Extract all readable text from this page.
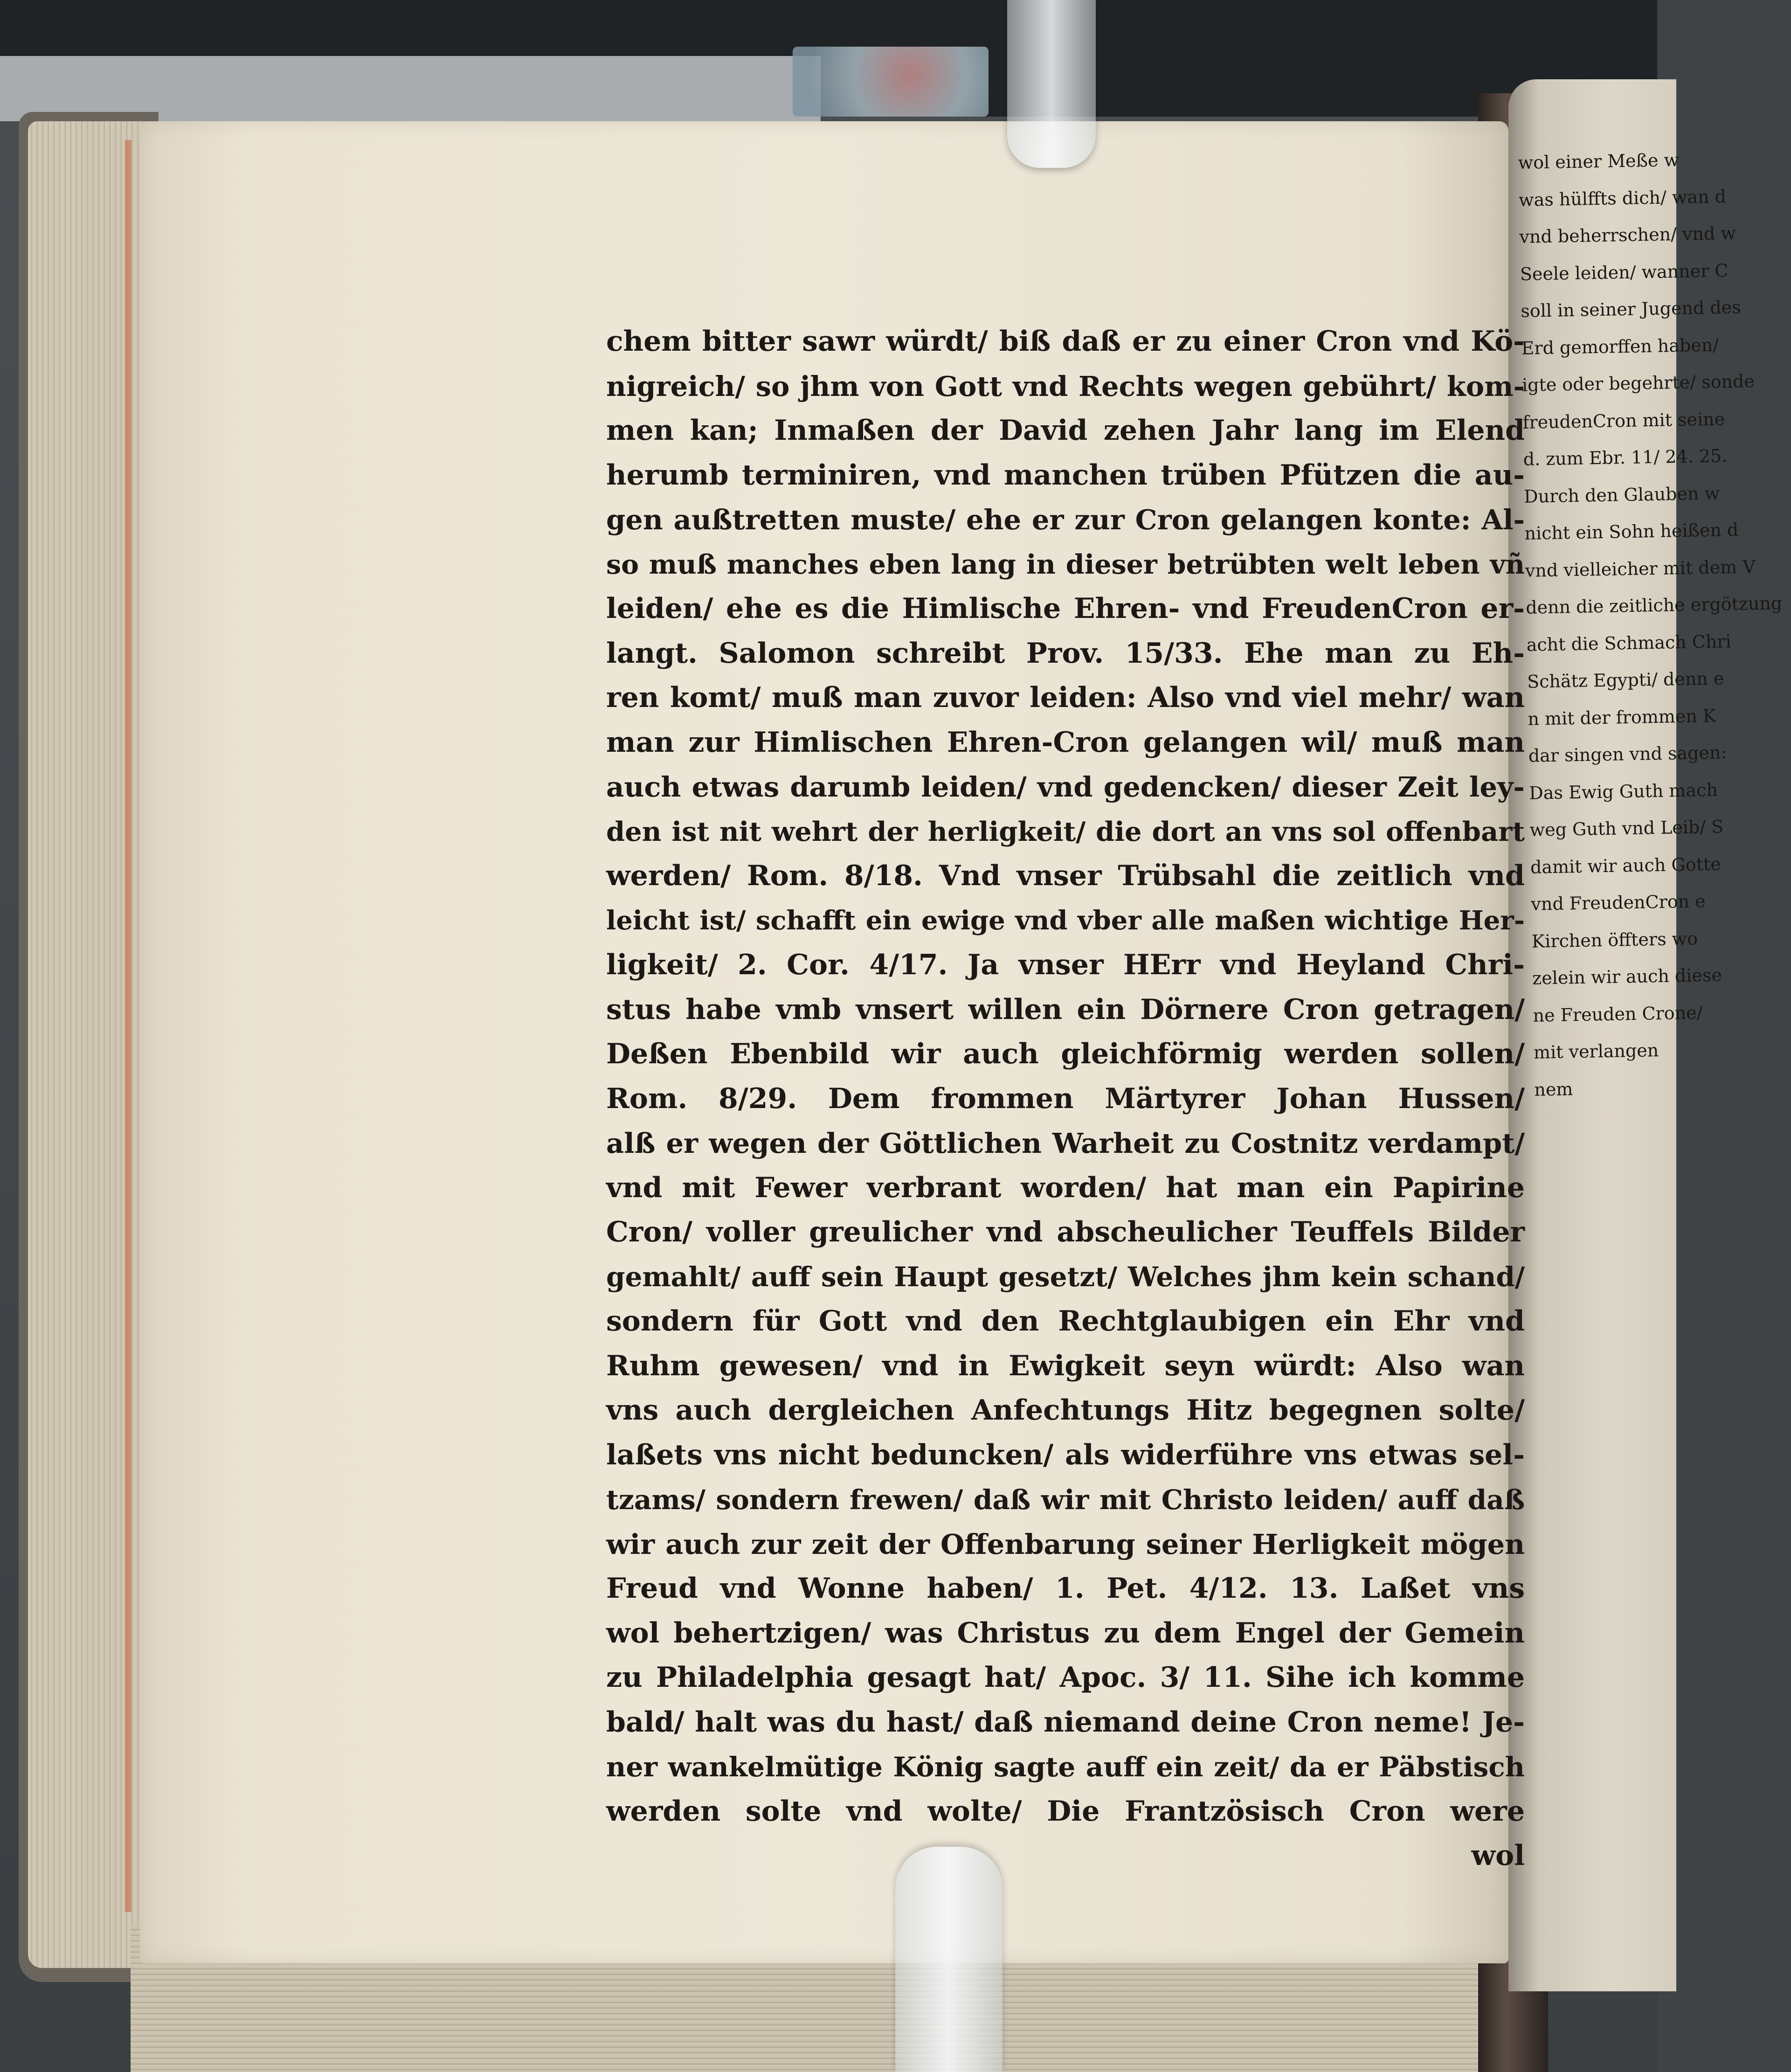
wol einer Meße w
was hülffts dich/ wan d
vnd beherrschen/ vnd w
Seele leiden/ wanner C
soll in seiner Jugend des
Erd gemorffen haben/
igte oder begehrte/ sonde
freudenCron mit seine
d. zum Ebr. 11/ 24. 25.
Durch den Glauben w
nicht ein Sohn heißen d
vnd vielleicher mit dem V
denn die zeitliche ergötzung
acht die Schmach Chri
Schätz Egypti/ denn e
n mit der frommen K
dar singen vnd sagen:
Das Ewig Guth mach
weg Guth vnd Leib/ S
damit wir auch Gotte
vnd FreudenCron e
Kirchen öffters wo
zelein wir auch diese
ne Freuden Crone/
mit verlangen
nem
chem bitter sawr würdt/ biß daß er zu einer Cron vnd Kö-
nigreich/ so jhm von Gott vnd Rechts wegen gebührt/ kom-
men kan; Inmaßen der David zehen Jahr lang im Elend
herumb terminiren, vnd manchen trüben Pfützen die au-
gen außtretten muste/ ehe er zur Cron gelangen konte: Al-
so muß manches eben lang in dieser betrübten welt leben vñ
leiden/ ehe es die Himlische Ehren- vnd FreudenCron er-
langt. Salomon schreibt Prov. 15/33. Ehe man zu Eh-
ren komt/ muß man zuvor leiden: Also vnd viel mehr/ wan
man zur Himlischen Ehren-Cron gelangen wil/ muß man
auch etwas darumb leiden/ vnd gedencken/ dieser Zeit ley-
den ist nit wehrt der herligkeit/ die dort an vns sol offenbart
werden/ Rom. 8/18. Vnd vnser Trübsahl die zeitlich vnd
leicht ist/ schafft ein ewige vnd vber alle maßen wichtige Her-
ligkeit/ 2. Cor. 4/17. Ja vnser HErr vnd Heyland Chri-
stus habe vmb vnsert willen ein Dörnere Cron getragen/
Deßen Ebenbild wir auch gleichförmig werden sollen/
Rom. 8/29. Dem frommen Märtyrer Johan Hussen/
alß er wegen der Göttlichen Warheit zu Costnitz verdampt/
vnd mit Fewer verbrant worden/ hat man ein Papirine
Cron/ voller greulicher vnd abscheulicher Teuffels Bilder
gemahlt/ auff sein Haupt gesetzt/ Welches jhm kein schand/
sondern für Gott vnd den Rechtglaubigen ein Ehr vnd
Ruhm gewesen/ vnd in Ewigkeit seyn würdt: Also wan
vns auch dergleichen Anfechtungs Hitz begegnen solte/
laßets vns nicht beduncken/ als widerführe vns etwas sel-
tzams/ sondern frewen/ daß wir mit Christo leiden/ auff daß
wir auch zur zeit der Offenbarung seiner Herligkeit mögen
Freud vnd Wonne haben/ 1. Pet. 4/12. 13. Laßet vns
wol behertzigen/ was Christus zu dem Engel der Gemein
zu Philadelphia gesagt hat/ Apoc. 3/ 11. Sihe ich komme
bald/ halt was du hast/ daß niemand deine Cron neme! Je-
ner wankelmütige König sagte auff ein zeit/ da er Päbstisch
werden solte vnd wolte/ Die Frantzösisch Cron were
wol
